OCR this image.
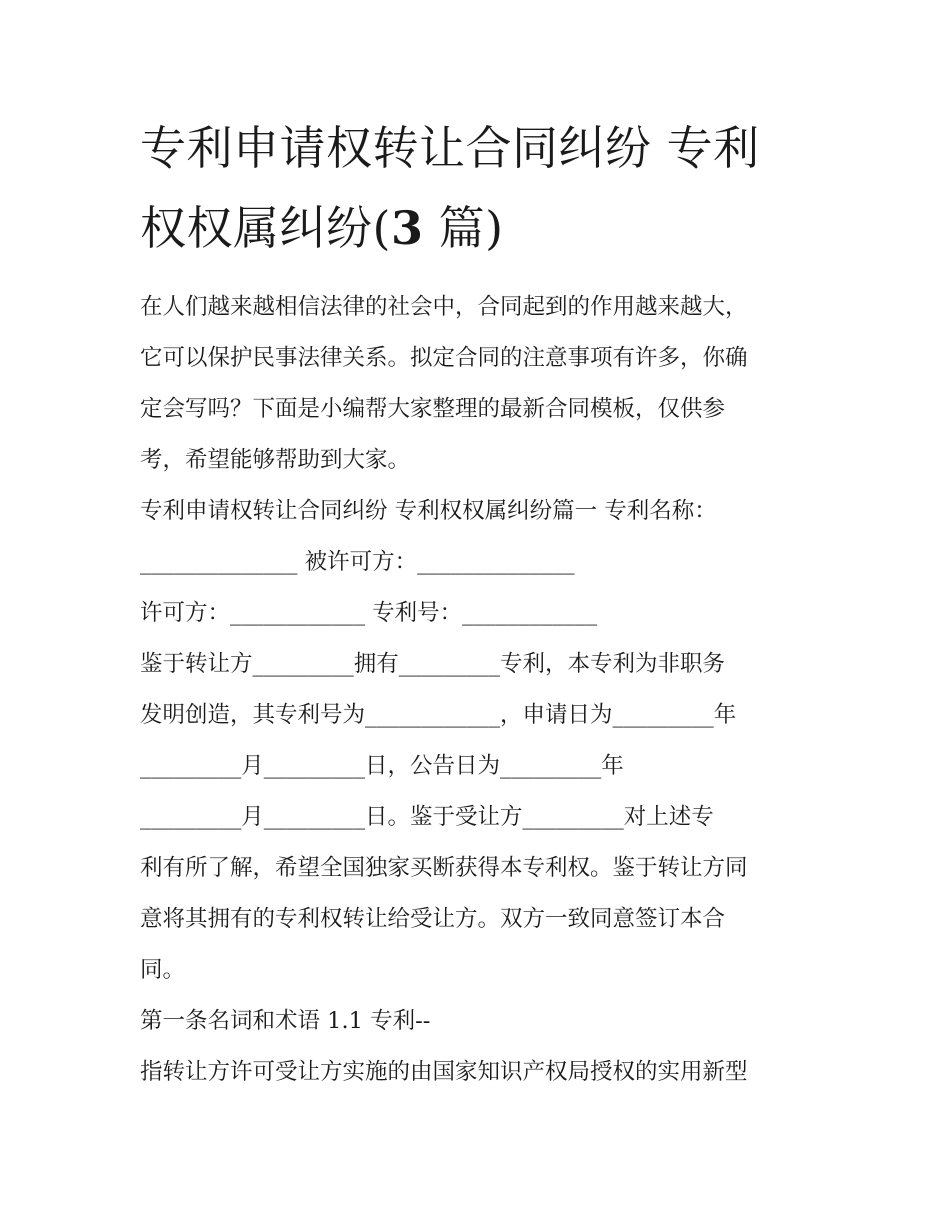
专利申请权转让合同纠纷 专利
权权属纠纷(3 篇)
在人们越来越相信法律的社会中，合同起到的作用越来越大，
它可以保护民事法律关系。拟定合同的注意事项有许多，你确
定会写吗？下面是小编帮大家整理的最新合同模板，仅供参
考，希望能够帮助到大家。
专利申请权转让合同纠纷 专利权权属纠纷篇一 专利名称：
______________ 被许可方：______________
许可方：____________ 专利号：____________
鉴于转让方_________拥有_________专利，本专利为非职务
发明创造，其专利号为____________，申请日为_________年
_________月_________日，公告日为_________年
_________月_________日。鉴于受让方_________对上述专
利有所了解，希望全国独家买断获得本专利权。鉴于转让方同
意将其拥有的专利权转让给受让方。双方一致同意签订本合
同。
第一条名词和术语 1.1 专利--
指转让方许可受让方实施的由国家知识产权局授权的实用新型
